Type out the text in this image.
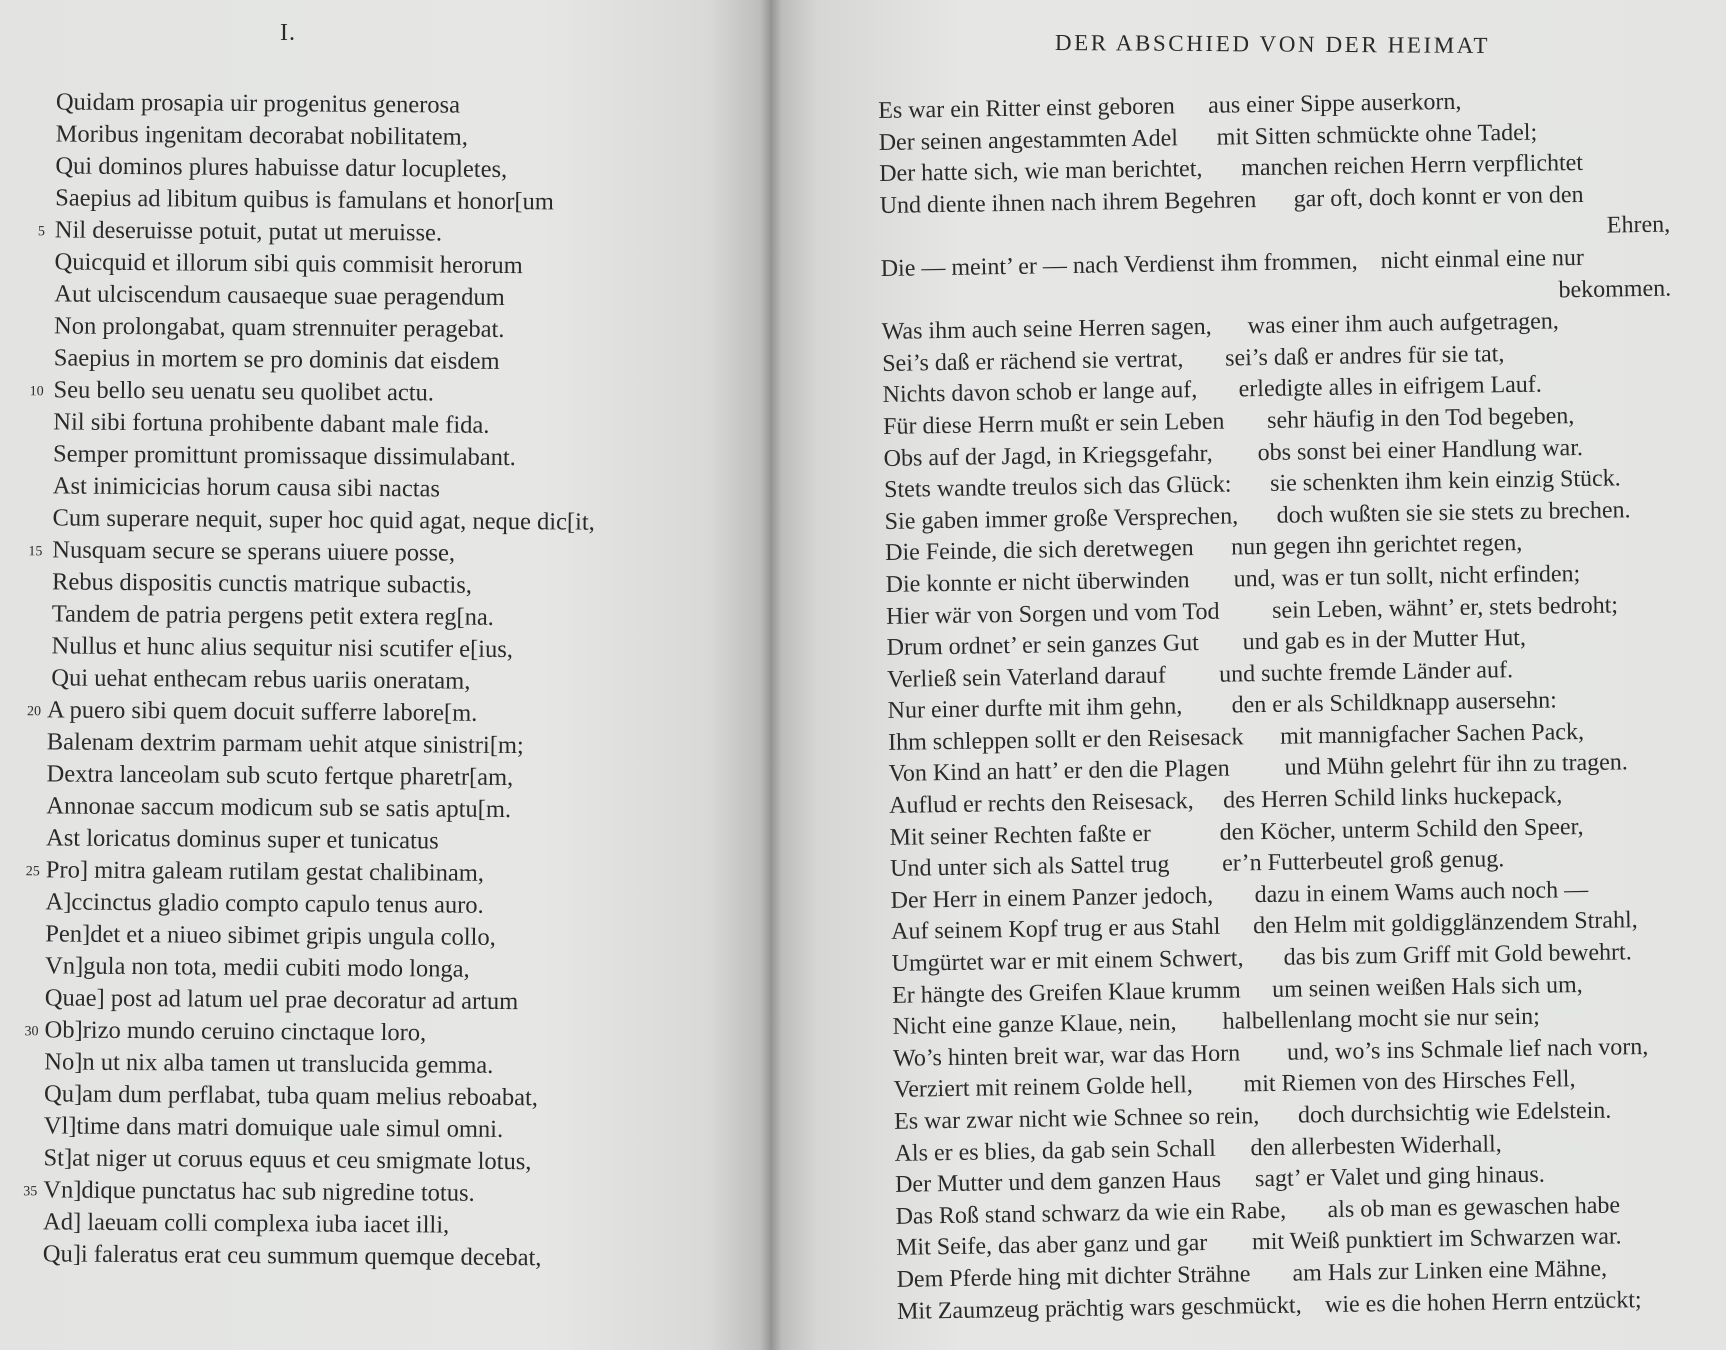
I.	DER ABSCHIED VON DER HEIMAT
Quidam prosapia uir progenitus generosa
Moribus ingenitam decorabat nobilitatem,
Qui dominos plures habuisse datur locupletes,
Saepius ad libitum quibus is famulans et honor[um
5 Nil deseruisse potuit, putat ut meruisse.
Quicquid et illorum sibi quis commisit herorum
Aut ulciscendum causaeque suae peragendum
Non prolongabat, quam strennuiter peragebat.
Saepius in mortem se pro dominis dat eisdem
10 Seu bello seu uenatu seu quolibet actu.
Nil sibi fortuna prohibente dabant male fida.
Semper promittunt promissaque dissimulabant.
Ast inimicicias horum causa sibi nactas
Cum superare nequit, super hoc quid agat, neque dic[it,
15 Nusquam secure se sperans uiuere posse,
Rebus dispositis cunctis matrique subactis,
Tandem de patria pergens petit extera reg[na.
Nullus et hunc alius sequitur nisi scutifer e[ius,
Qui uehat enthecam rebus uariis oneratam,
20 A puero sibi quem docuit sufferre labore[m.
Balenam dextrim parmam uehit atque sinistri[m;
Dextra lanceolam sub scuto fertque pharetr[am,
Annonae saccum modicum sub se satis aptu[m.
Ast loricatus dominus super et tunicatus
25 Pro] mitra galeam rutilam gestat chalibinam,
A]ccinctus gladio compto capulo tenus auro.
Pen]det et a niueo sibimet gripis ungula collo,
Vn]gula non tota, medii cubiti modo longa,
Quae] post ad latum uel prae decoratur ad artum
30 Ob]rizo mundo ceruino cinctaque loro,
No]n ut nix alba tamen ut translucida gemma.
Qu]am dum perflabat, tuba quam melius reboabat,
Vl]time dans matri domuique uale simul omni.
St]at niger ut coruus equus et ceu smigmate lotus,
35 Vn]dique punctatus hac sub nigredine totus.
Ad] laeuam colli complexa iuba iacet illi,
Qu]i faleratus erat ceu summum quemque decebat,
Es war ein Ritter einst geboren aus einer Sippe auserkorn,
Der seinen angestammten Adel mit Sitten schmückte ohne Tadel;
Der hatte sich, wie man berichtet, manchen reichen Herrn verpflichtet
Und diente ihnen nach ihrem Begehren gar oft, doch konnt er von den
Ehren,
Die — meint’ er — nach Verdienst ihm frommen, nicht einmal eine nur
bekommen.
Was ihm auch seine Herren sagen, was einer ihm auch aufgetragen,
Sei’s daß er rächend sie vertrat, sei’s daß er andres für sie tat,
Nichts davon schob er lange auf, erledigte alles in eifrigem Lauf.
Für diese Herrn mußt er sein Leben sehr häufig in den Tod begeben,
Obs auf der Jagd, in Kriegsgefahr, obs sonst bei einer Handlung war.
Stets wandte treulos sich das Glück: sie schenkten ihm kein einzig Stück.
Sie gaben immer große Versprechen, doch wußten sie sie stets zu brechen.
Die Feinde, die sich deretwegen nun gegen ihn gerichtet regen,
Die konnte er nicht überwinden und, was er tun sollt, nicht erfinden;
Hier wär von Sorgen und vom Tod sein Leben, wähnt’ er, stets bedroht;
Drum ordnet’ er sein ganzes Gut und gab es in der Mutter Hut,
Verließ sein Vaterland darauf und suchte fremde Länder auf.
Nur einer durfte mit ihm gehn, den er als Schildknapp ausersehn:
Ihm schleppen sollt er den Reisesack mit mannigfacher Sachen Pack,
Von Kind an hatt’ er den die Plagen und Mühn gelehrt für ihn zu tragen.
Auflud er rechts den Reisesack, des Herren Schild links huckepack,
Mit seiner Rechten faßte er	den Köcher, unterm Schild den Speer,
Und unter sich als Sattel trug er’n Futterbeutel groß genug.
Der Herr in einem Panzer jedoch, dazu in einem Wams auch noch —
Auf seinem Kopf trug er aus Stahl den Helm mit goldigglänzendem Strahl,
Umgürtet war er mit einem Schwert, das bis zum Griff mit Gold bewehrt.
Er hängte des Greifen Klaue krumm um seinen weißen Hals sich um,
Nicht eine ganze Klaue, nein, halbellenlang mocht sie nur sein;
Wo’s hinten breit war, war das Horn und, wo’s ins Schmale lief nach vorn,
Verziert mit reinem Golde hell, mit Riemen von des Hirsches Fell,
Es war zwar nicht wie Schnee so rein, doch durchsichtig wie Edelstein.
Als er es blies, da gab sein Schall den allerbesten Widerhall,
Der Mutter und dem ganzen Haus sagt’ er Valet und ging hinaus.
Das Roß stand schwarz da wie ein Rabe, als ob man es gewaschen habe
Mit Seife, das aber ganz und gar mit Weiß punktiert im Schwarzen war.
Dem Pferde hing mit dichter Strähne am Hals zur Linken eine Mähne,
Mit Zaumzeug prächtig wars geschmückt, wie es die hohen Herrn entzückt;
